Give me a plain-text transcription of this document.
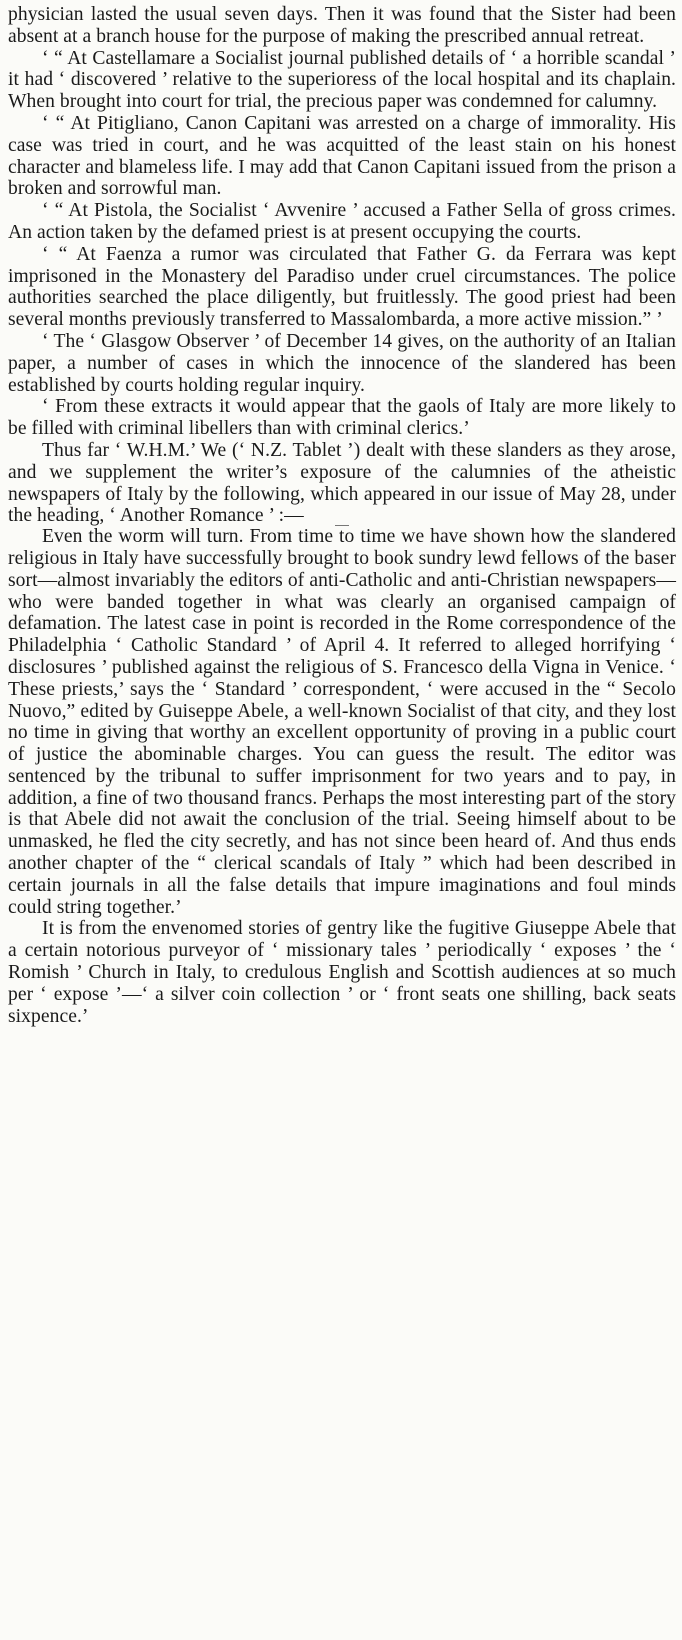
physician lasted the usual seven days. Then it was found that the Sister had been absent at a branch house for the purpose of making the prescribed annual retreat.

‘ “ At Castellamare a Socialist journal published details of ‘ a horrible scandal ’ it had ‘ discovered ’ relative to the superioress of the local hospital and its chaplain. When brought into court for trial, the precious paper was condemned for calumny.

‘ “ At Pitigliano, Canon Capitani was arrested on a charge of immorality. His case was tried in court, and he was acquitted of the least stain on his honest character and blameless life. I may add that Canon Capitani issued from the prison a broken and sorrowful man.

‘ “ At Pistola, the Socialist ‘ Avvenire ’ accused a Father Sella of gross crimes. An action taken by the defamed priest is at present occupying the courts.

‘ “ At Faenza a rumor was circulated that Father G. da Ferrara was kept imprisoned in the Monastery del Paradiso under cruel circumstances. The police authorities searched the place diligently, but fruitlessly. The good priest had been several months previously transferred to Massalombarda, a more active mission.” ’

‘ The ‘ Glasgow Observer ’ of December 14 gives, on the authority of an Italian paper, a number of cases in which the innocence of the slandered has been established by courts holding regular inquiry.

‘ From these extracts it would appear that the gaols of Italy are more likely to be filled with criminal libellers than with criminal clerics.’

Thus far ‘ W.H.M.’ We (‘ N.Z. Tablet ’) dealt with these slanders as they arose, and we supplement the writer’s exposure of the calumnies of the atheistic newspapers of Italy by the following, which appeared in our issue of May 28, under the heading, ‘ Another Romance ’ :—

Even the worm will turn. From time to time we have shown how the slandered religious in Italy have successfully brought to book sundry lewd fellows of the baser sort—almost invariably the editors of anti-Catholic and anti-Christian newspapers—who were banded together in what was clearly an organised campaign of defamation. The latest case in point is recorded in the Rome correspondence of the Philadelphia ‘ Catholic Standard ’ of April 4. It referred to alleged horrifying ‘ disclosures ’ published against the religious of S. Francesco della Vigna in Venice. ‘ These priests,’ says the ‘ Standard ’ correspondent, ‘ were accused in the “ Secolo Nuovo,” edited by Guiseppe Abele, a well-known Socialist of that city, and they lost no time in giving that worthy an excellent opportunity of proving in a public court of justice the abominable charges. You can guess the result. The editor was sentenced by the tribunal to suffer imprisonment for two years and to pay, in addition, a fine of two thousand francs. Perhaps the most interesting part of the story is that Abele did not await the conclusion of the trial. Seeing himself about to be unmasked, he fled the city secretly, and has not since been heard of. And thus ends another chapter of the “ clerical scandals of Italy ” which had been described in certain journals in all the false details that impure imaginations and foul minds could string together.’

It is from the envenomed stories of gentry like the fugitive Giuseppe Abele that a certain notorious purveyor of ‘ missionary tales ’ periodically ‘ exposes ’ the ‘ Romish ’ Church in Italy, to credulous English and Scottish audiences at so much per ‘ expose ’—‘ a silver coin collection ’ or ‘ front seats one shilling, back seats sixpence.’
